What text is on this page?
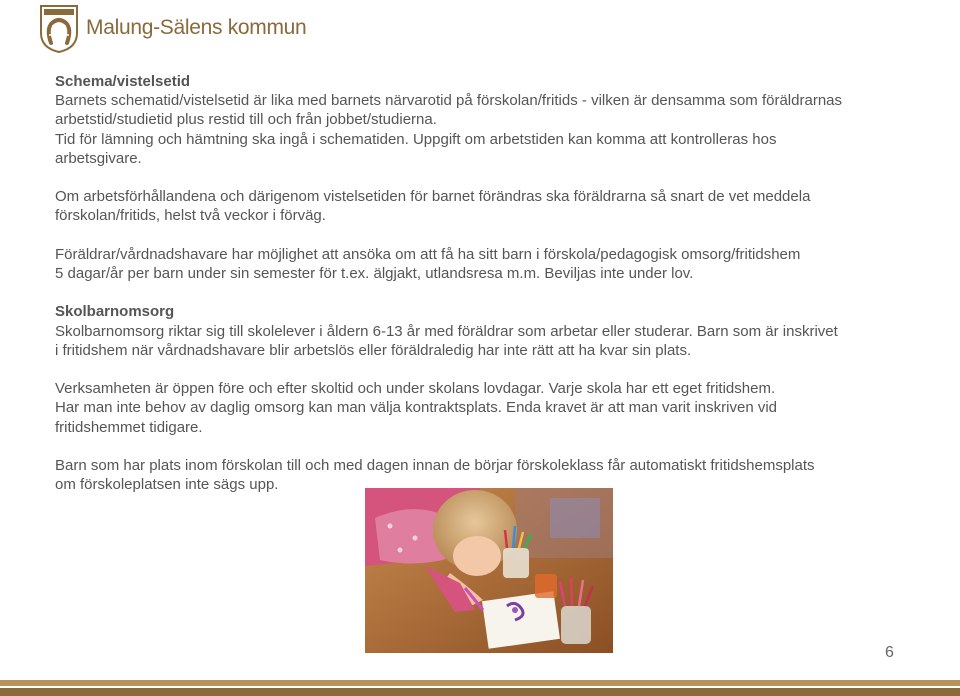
Malung-Sälens kommun

Schema/vistelsetid
Barnets schematid/vistelsetid är lika med barnets närvarotid på förskolan/fritids - vilken är densamma som föräldrarnas
arbetstid/studietid plus restid till och från jobbet/studierna.
Tid för lämning och hämtning ska ingå i schematiden. Uppgift om arbetstiden kan komma att kontrolleras hos
arbetsgivare.

Om arbetsförhållandena och därigenom vistelsetiden för barnet förändras ska föräldrarna så snart de vet meddela
förskolan/fritids, helst två veckor i förväg.

Föräldrar/vårdnadshavare har möjlighet att ansöka om att få ha sitt barn i förskola/pedagogisk omsorg/fritidshem
5 dagar/år per barn under sin semester för t.ex. älgjakt, utlandsresa m.m. Beviljas inte under lov.

Skolbarnomsorg
Skolbarnomsorg riktar sig till skolelever i åldern 6-13 år med föräldrar som arbetar eller studerar. Barn som är inskrivet
i fritidshem när vårdnadshavare blir arbetslös eller föräldraledig har inte rätt att ha kvar sin plats.

Verksamheten är öppen före och efter skoltid och under skolans lovdagar. Varje skola har ett eget fritidshem.
Har man inte behov av daglig omsorg kan man välja kontraktsplats. Enda kravet är att man varit inskriven vid
fritidshemmet tidigare.

Barn som har plats inom förskolan till och med dagen innan de börjar förskoleklass får automatiskt fritidshemsplats
om förskoleplatsen inte sägs upp.

6
